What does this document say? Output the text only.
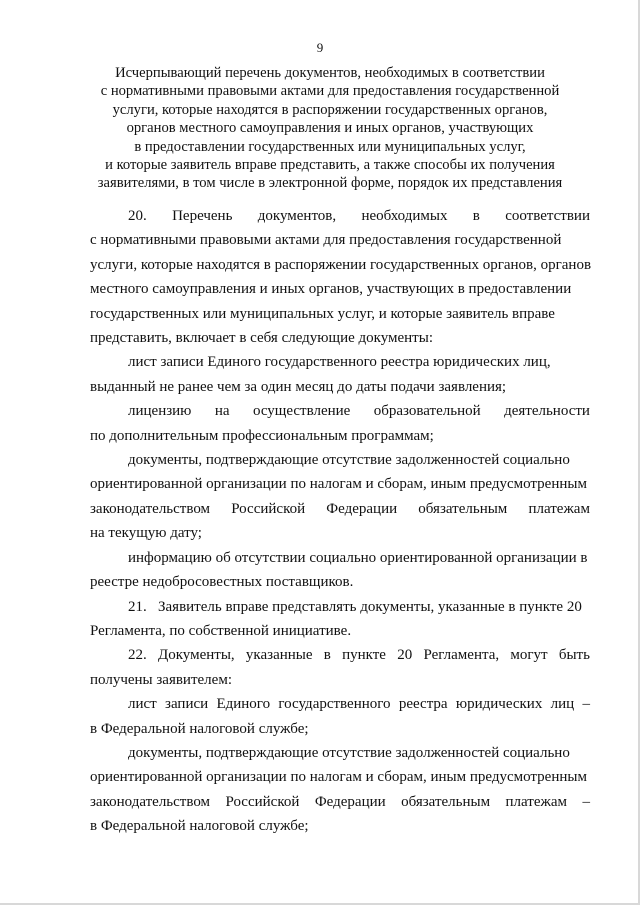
9
Исчерпывающий перечень документов, необходимых в соответствии
с нормативными правовыми актами для предоставления государственной
услуги, которые находятся в распоряжении государственных органов,
органов местного самоуправления и иных органов, участвующих
в предоставлении государственных или муниципальных услуг,
и которые заявитель вправе представить, а также способы их получения
заявителями, в том числе в электронной форме, порядок их представления

20. Перечень документов, необходимых в соответствии
с нормативными правовыми актами для предоставления государственной
услуги, которые находятся в распоряжении государственных органов, органов
местного самоуправления и иных органов, участвующих в предоставлении
государственных или муниципальных услуг, и которые заявитель вправе
представить, включает в себя следующие документы:

лист записи Единого государственного реестра юридических лиц,
выданный не ранее чем за один месяц до даты подачи заявления;

лицензию на осуществление образовательной деятельности
по дополнительным профессиональным программам;

документы, подтверждающие отсутствие задолженностей социально
ориентированной организации по налогам и сборам, иным предусмотренным
законодательством Российской Федерации обязательным платежам
на текущую дату;

информацию об отсутствии социально ориентированной организации в
реестре недобросовестных поставщиков.

21.   Заявитель вправе представлять документы, указанные в пункте 20
Регламента, по собственной инициативе.

22. Документы, указанные в пункте 20 Регламента, могут быть
получены заявителем:

лист записи Единого государственного реестра юридических лиц –
в Федеральной налоговой службе;

документы, подтверждающие отсутствие задолженностей социально
ориентированной организации по налогам и сборам, иным предусмотренным
законодательством Российской Федерации обязательным платежам –
в Федеральной налоговой службе;
